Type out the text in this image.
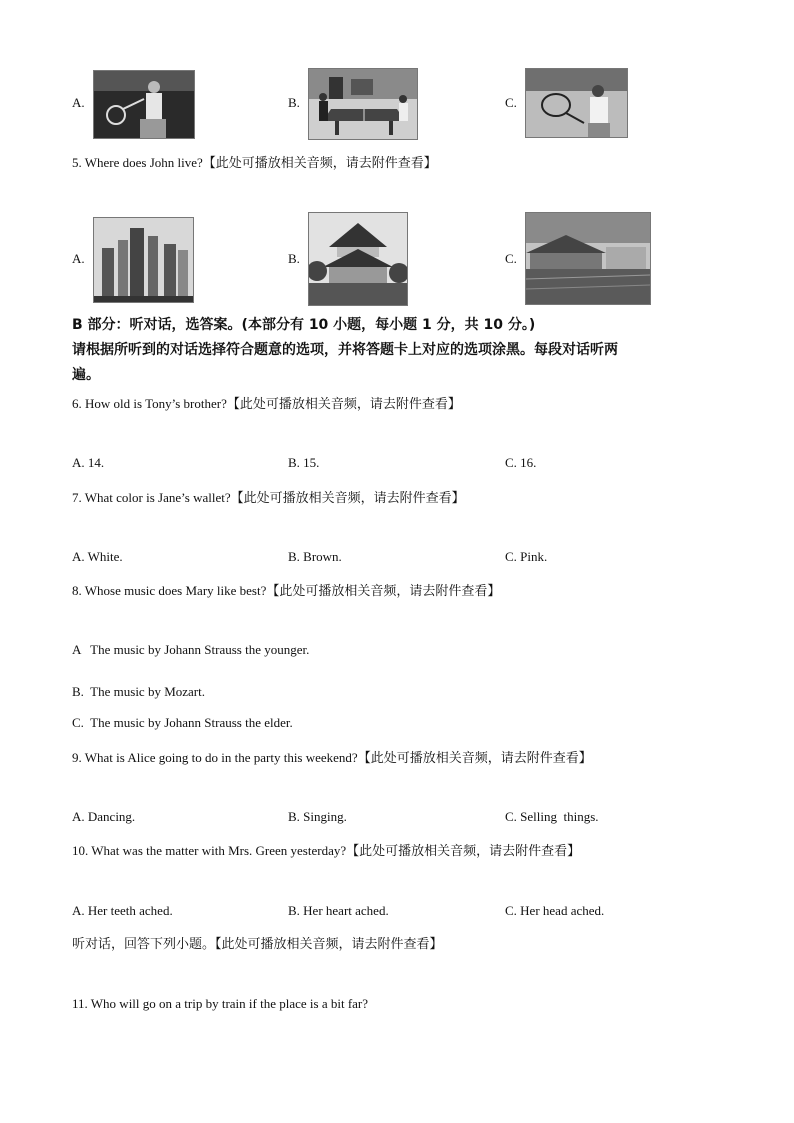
A.	B.	C.
5. Where does John live?【此处可播放相关音频，请去附件查看】
A.	B.	C.
B 部分：听对话，选答案。(本部分有 10 小题，每小题 1 分，共 10 分。)
请根据所听到的对话选择符合题意的选项，并将答题卡上对应的选项涂黑。每段对话听两
遍。
6. How old is Tony’s brother?【此处可播放相关音频，请去附件查看】
A. 14.	B. 15.	C. 16.
7. What color is Jane’s wallet?【此处可播放相关音频，请去附件查看】
A. White.	B. Brown.	C. Pink.
8. Whose music does Mary like best?【此处可播放相关音频，请去附件查看】
A   The music by Johann Strauss the younger.
B.  The music by Mozart.
C.  The music by Johann Strauss the elder.
9. What is Alice going to do in the party this weekend?【此处可播放相关音频，请去附件查看】
A. Dancing.	B. Singing.	C. Selling  things.
10. What was the matter with Mrs. Green yesterday?【此处可播放相关音频，请去附件查看】
A. Her teeth ached.	B. Her heart ached.	C. Her head ached.
听对话，回答下列小题。【此处可播放相关音频，请去附件查看】
11. Who will go on a trip by train if the place is a bit far?
